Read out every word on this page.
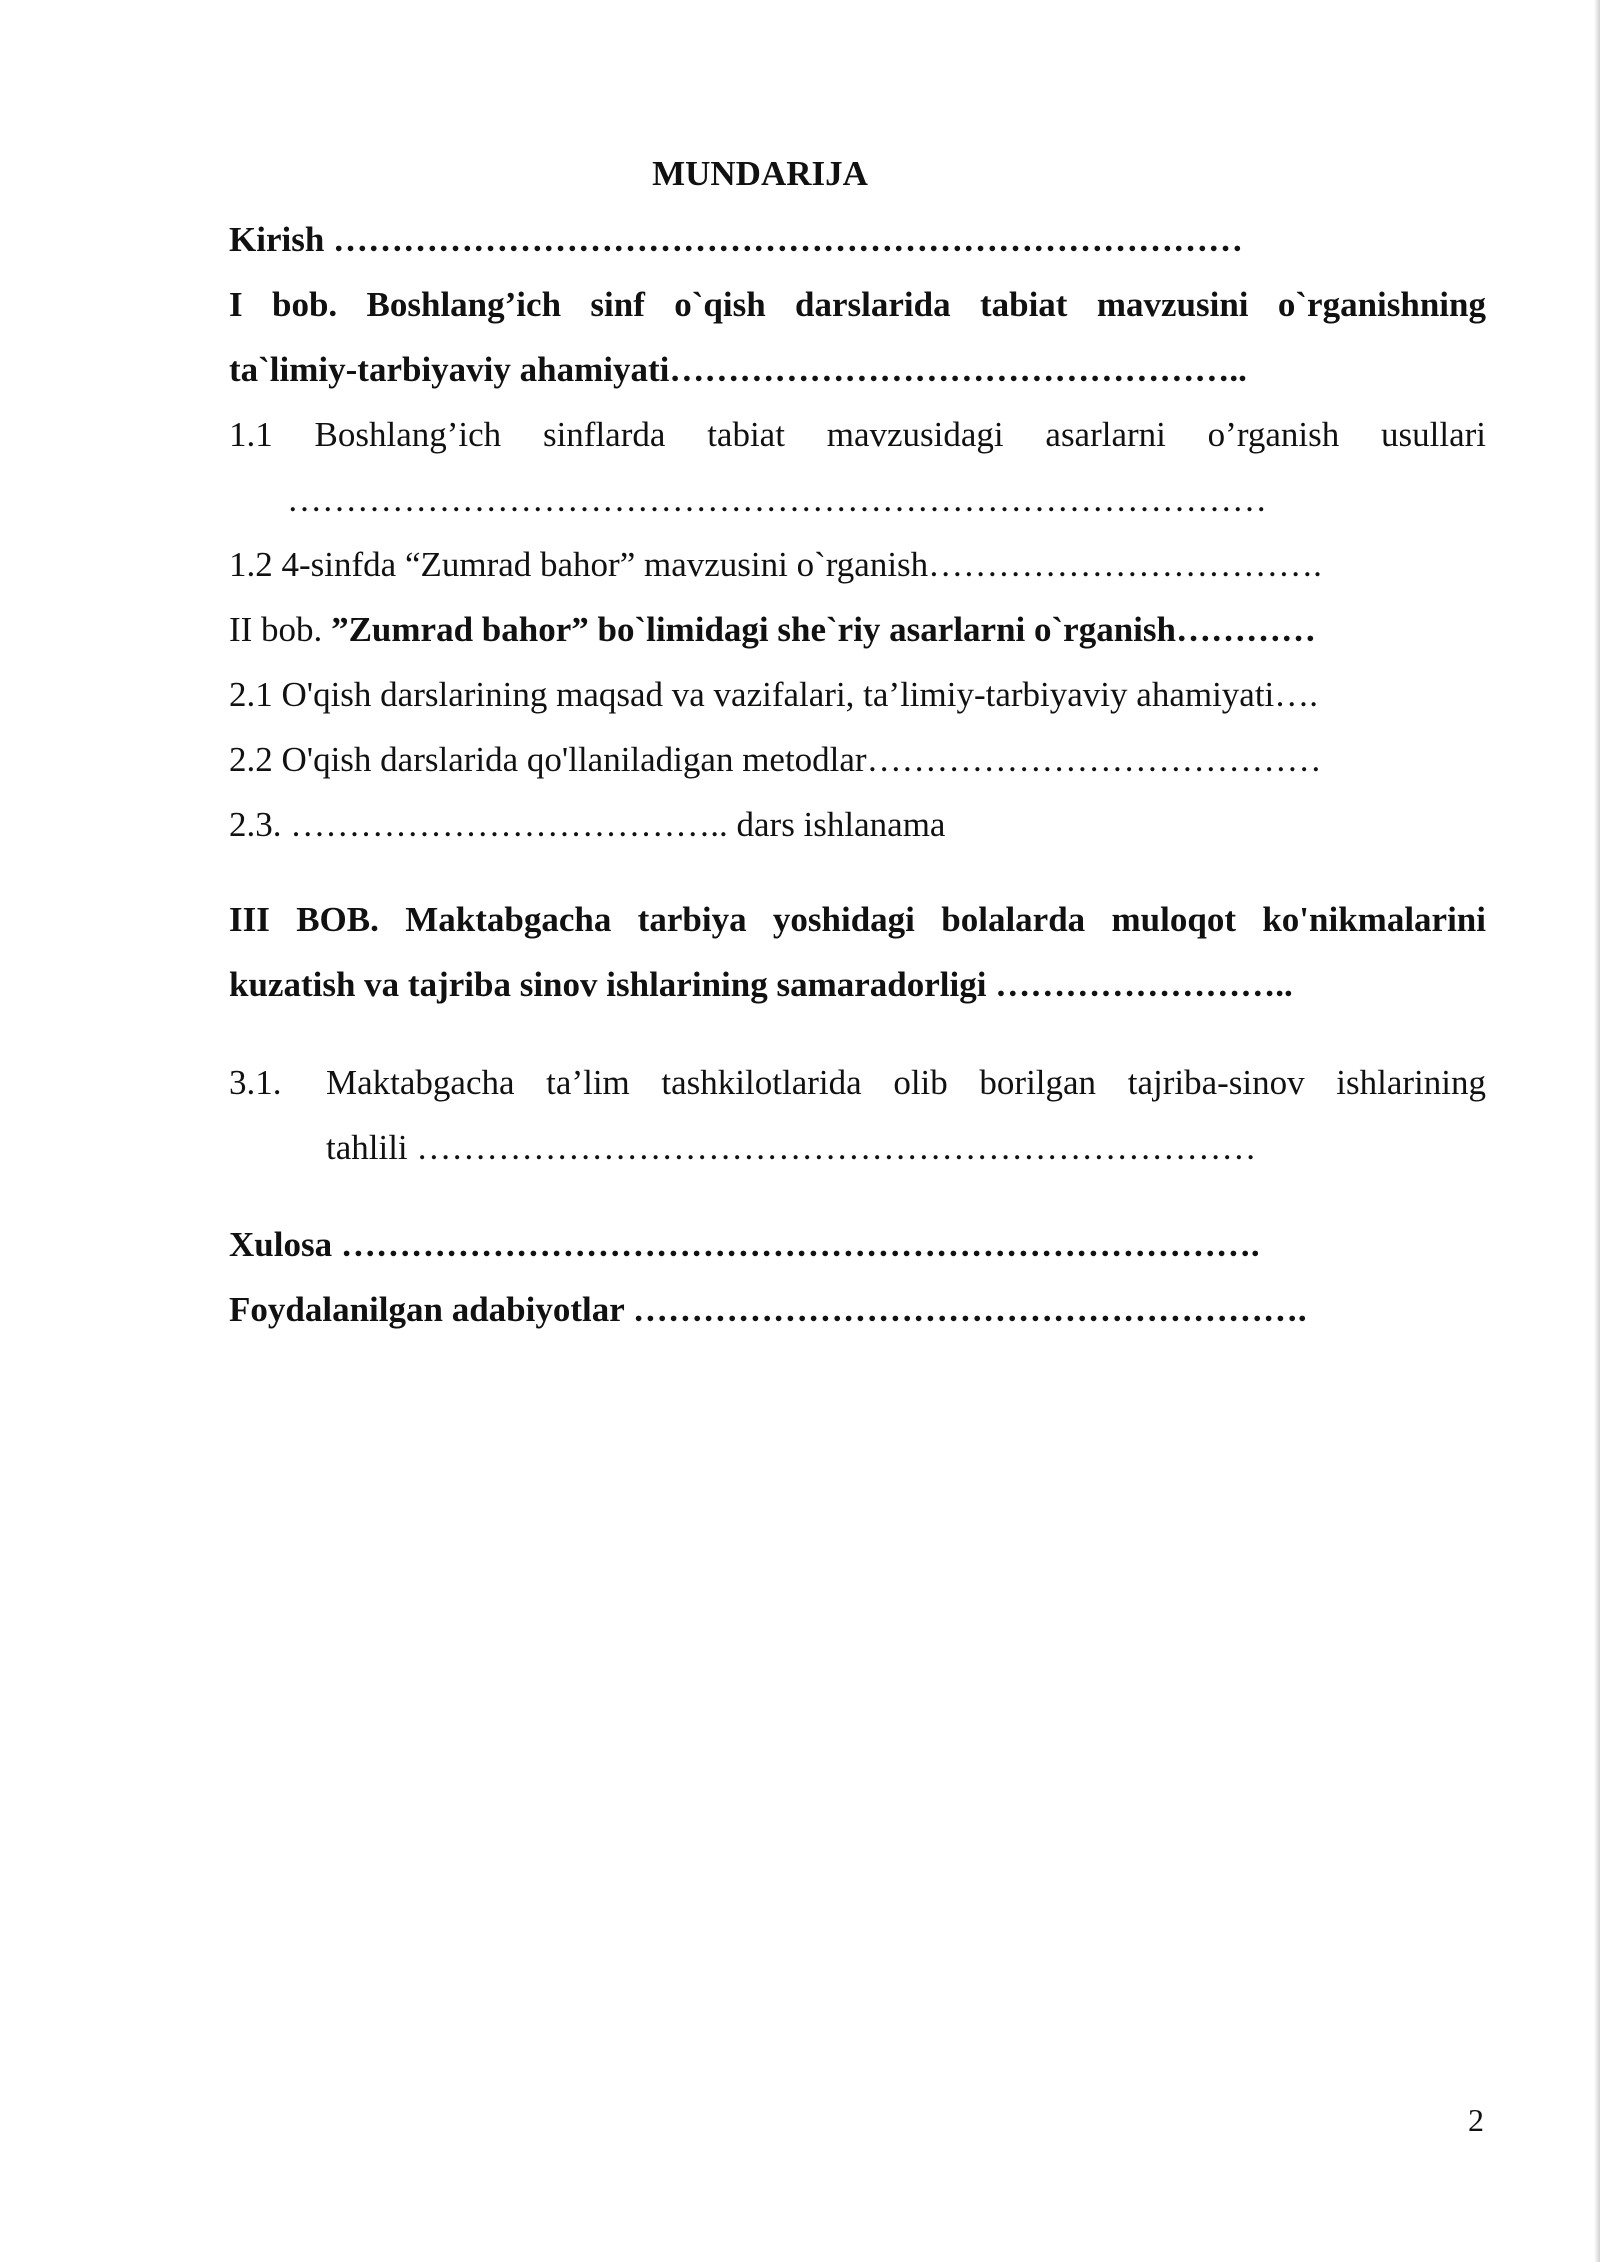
MUNDARIJA
Kirish ……………………………………………………………………
I bob. Boshlang’ich sinf o`qish darslarida tabiat mavzusini o`rganishning
ta`limiy-tarbiyaviy ahamiyati…………………………………………..
1.1 Boshlang’ich sinflarda tabiat mavzusidagi asarlarni o’rganish usullari
…………………………………………………………………………
1.2 4-sinfda “Zumrad bahor” mavzusini o`rganish…………………………….
II bob. ”Zumrad bahor” bo`limidagi she`riy asarlarni o`rganish…………
2.1 O'qish darslarining maqsad va vazifalari, ta’limiy-tarbiyaviy ahamiyati….
2.2 O'qish darslarida qo'llaniladigan metodlar…………………………………
2.3. ……………………………….. dars ishlanama
III BOB. Maktabgacha tarbiya yoshidagi bolalarda muloqot ko'nikmalarini
kuzatish va tajriba sinov ishlarining samaradorligi ……………………..
3.1. Maktabgacha ta’lim tashkilotlarida olib borilgan tajriba-sinov ishlarining
tahlili ………………………………………………………………
Xulosa …………………………………………………………………….
Foydalanilgan adabiyotlar ………………………………………………….
2
